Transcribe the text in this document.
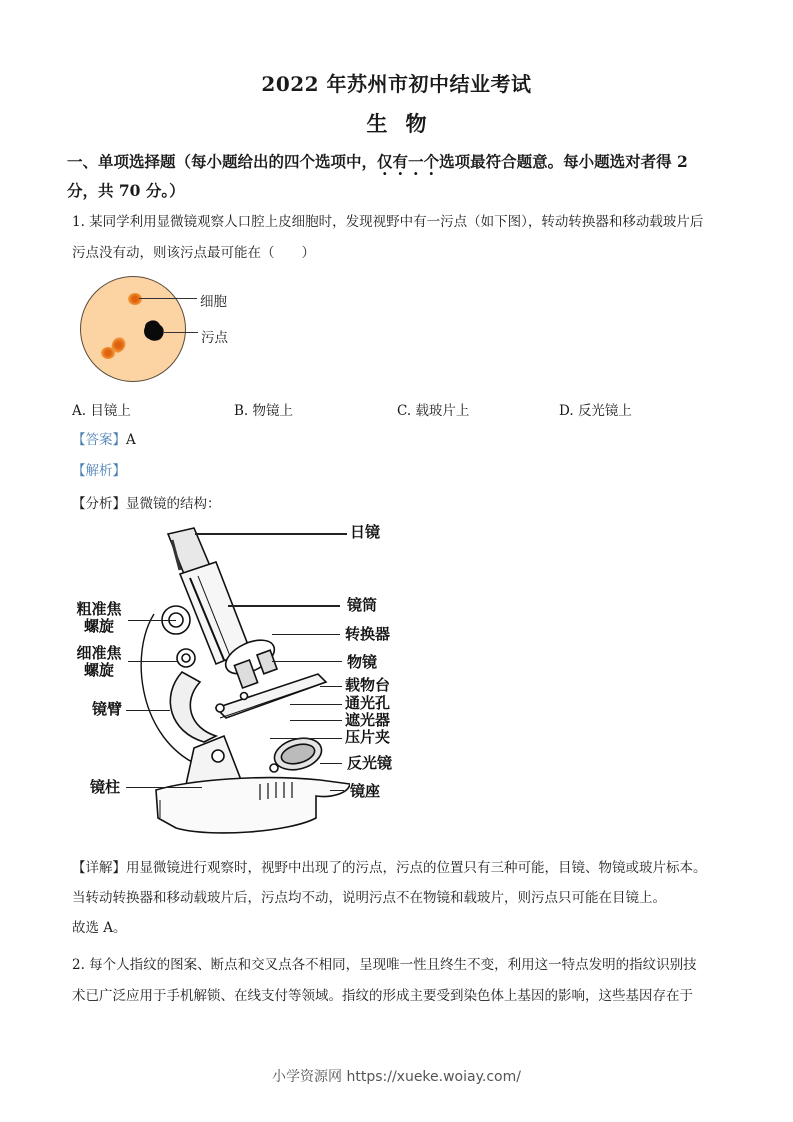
2022 年苏州市初中结业考试
生物
一、单项选择题（每小题给出的四个选项中，仅有一个选项最符合题意。每小题选对者得 2
分，共 70 分。）
1. 某同学利用显微镜观察人口腔上皮细胞时，发现视野中有一污点（如下图），转动转换器和移动载玻片后
污点没有动，则该污点最可能在（　　）
细胞
污点
A. 目镜上	B. 物镜上	C. 载玻片上	D. 反光镜上
【答案】A
【解析】
【分析】显微镜的结构：
日镜
镜筒
转换器
物镜
载物台
通光孔
遮光器
压片夹
反光镜
镜座
粗准焦
螺旋
细准焦
螺旋
镜臂
镜柱
【详解】用显微镜进行观察时，视野中出现了的污点，污点的位置只有三种可能，目镜、物镜或玻片标本。
当转动转换器和移动载玻片后，污点均不动，说明污点不在物镜和载玻片，则污点只可能在目镜上。
故选 A。
2. 每个人指纹的图案、断点和交叉点各不相同，呈现唯一性且终生不变，利用这一特点发明的指纹识别技
术已广泛应用于手机解锁、在线支付等领域。指纹的形成主要受到染色体上基因的影响，这些基因存在于
小学资源网 https://xueke.woiay.com/
